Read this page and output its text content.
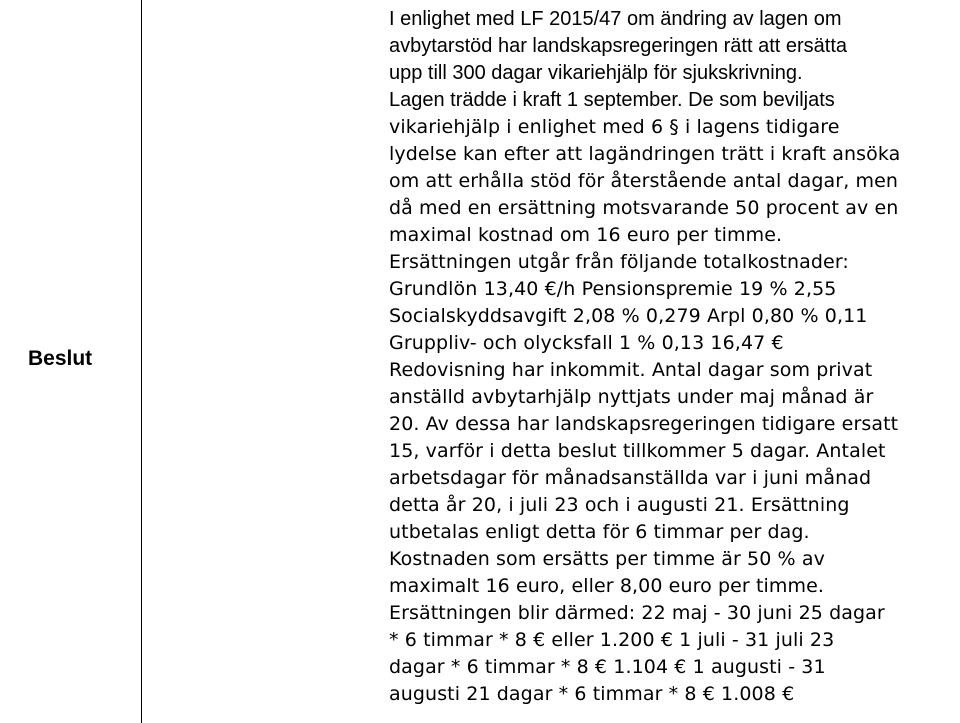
Beslut
I enlighet med LF 2015/47 om ändring av lagen om
avbytarstöd har landskapsregeringen rätt att ersätta
upp till 300 dagar vikariehjälp för sjukskrivning.
Lagen trädde i kraft 1 september. De som beviljats
vikariehjälp i enlighet med 6 § i lagens tidigare
lydelse kan efter att lagändringen trätt i kraft ansöka
om att erhålla stöd för återstående antal dagar, men
då med en ersättning motsvarande 50 procent av en
maximal kostnad om 16 euro per timme.
Ersättningen utgår från följande totalkostnader:
Grundlön 13,40 €/h Pensionspremie 19 % 2,55
Socialskyddsavgift 2,08 % 0,279 Arpl 0,80 % 0,11
Gruppliv- och olycksfall 1 % 0,13 16,47 €
Redovisning har inkommit. Antal dagar som privat
anställd avbytarhjälp nyttjats under maj månad är
20. Av dessa har landskapsregeringen tidigare ersatt
15, varför i detta beslut tillkommer 5 dagar. Antalet
arbetsdagar för månadsanställda var i juni månad
detta år 20, i juli 23 och i augusti 21. Ersättning
utbetalas enligt detta för 6 timmar per dag.
Kostnaden som ersätts per timme är 50 % av
maximalt 16 euro, eller 8,00 euro per timme.
Ersättningen blir därmed: 22 maj - 30 juni 25 dagar
* 6 timmar * 8 € eller 1.200 € 1 juli - 31 juli 23
dagar * 6 timmar * 8 € 1.104 € 1 augusti - 31
augusti 21 dagar * 6 timmar * 8 € 1.008 €
